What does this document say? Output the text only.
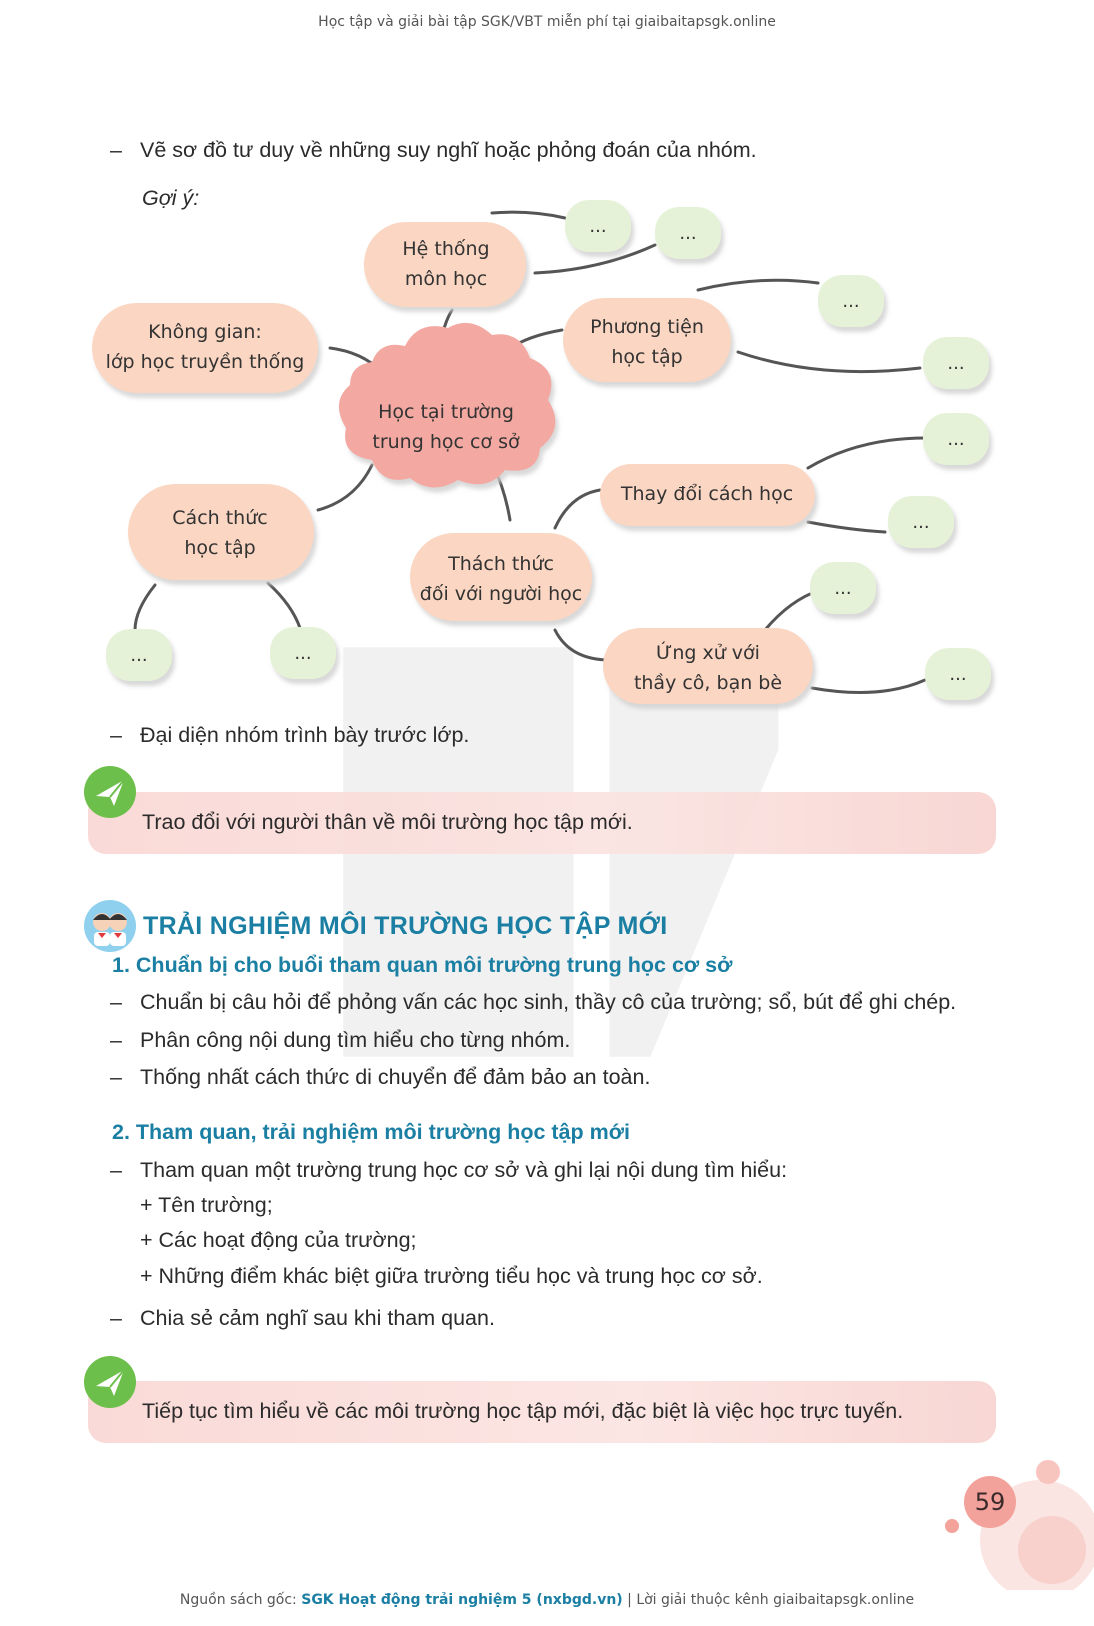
Học tập và giải bài tập SGK/VBT miễn phí tại giaibaitapsgk.online
– Vẽ sơ đồ tư duy về những suy nghĩ hoặc phỏng đoán của nhóm.
Gợi ý:
Học tại trường trung học cơ sở
Hệ thống môn học
Không gian: lớp học truyền thống
Phương tiện học tập
Cách thức học tập
Thay đổi cách học
Thách thức đối với người học
Ứng xử với thầy cô, bạn bè
...	...
...
...
...
...
...
...
...	...
– Đại diện nhóm trình bày trước lớp.
Trao đổi với người thân về môi trường học tập mới.
TRẢI NGHIỆM MÔI TRƯỜNG HỌC TẬP MỚI
1. Chuẩn bị cho buổi tham quan môi trường trung học cơ sở
– Chuẩn bị câu hỏi để phỏng vấn các học sinh, thầy cô của trường; sổ, bút để ghi chép.
– Phân công nội dung tìm hiểu cho từng nhóm.
– Thống nhất cách thức di chuyển để đảm bảo an toàn.
2. Tham quan, trải nghiệm môi trường học tập mới
– Tham quan một trường trung học cơ sở và ghi lại nội dung tìm hiểu:
+ Tên trường;
+ Các hoạt động của trường;
+ Những điểm khác biệt giữa trường tiểu học và trung học cơ sở.
– Chia sẻ cảm nghĩ sau khi tham quan.
Tiếp tục tìm hiểu về các môi trường học tập mới, đặc biệt là việc học trực tuyến.
59
Nguồn sách gốc: SGK Hoạt động trải nghiệm 5 (nxbgd.vn) | Lời giải thuộc kênh giaibaitapsgk.online
